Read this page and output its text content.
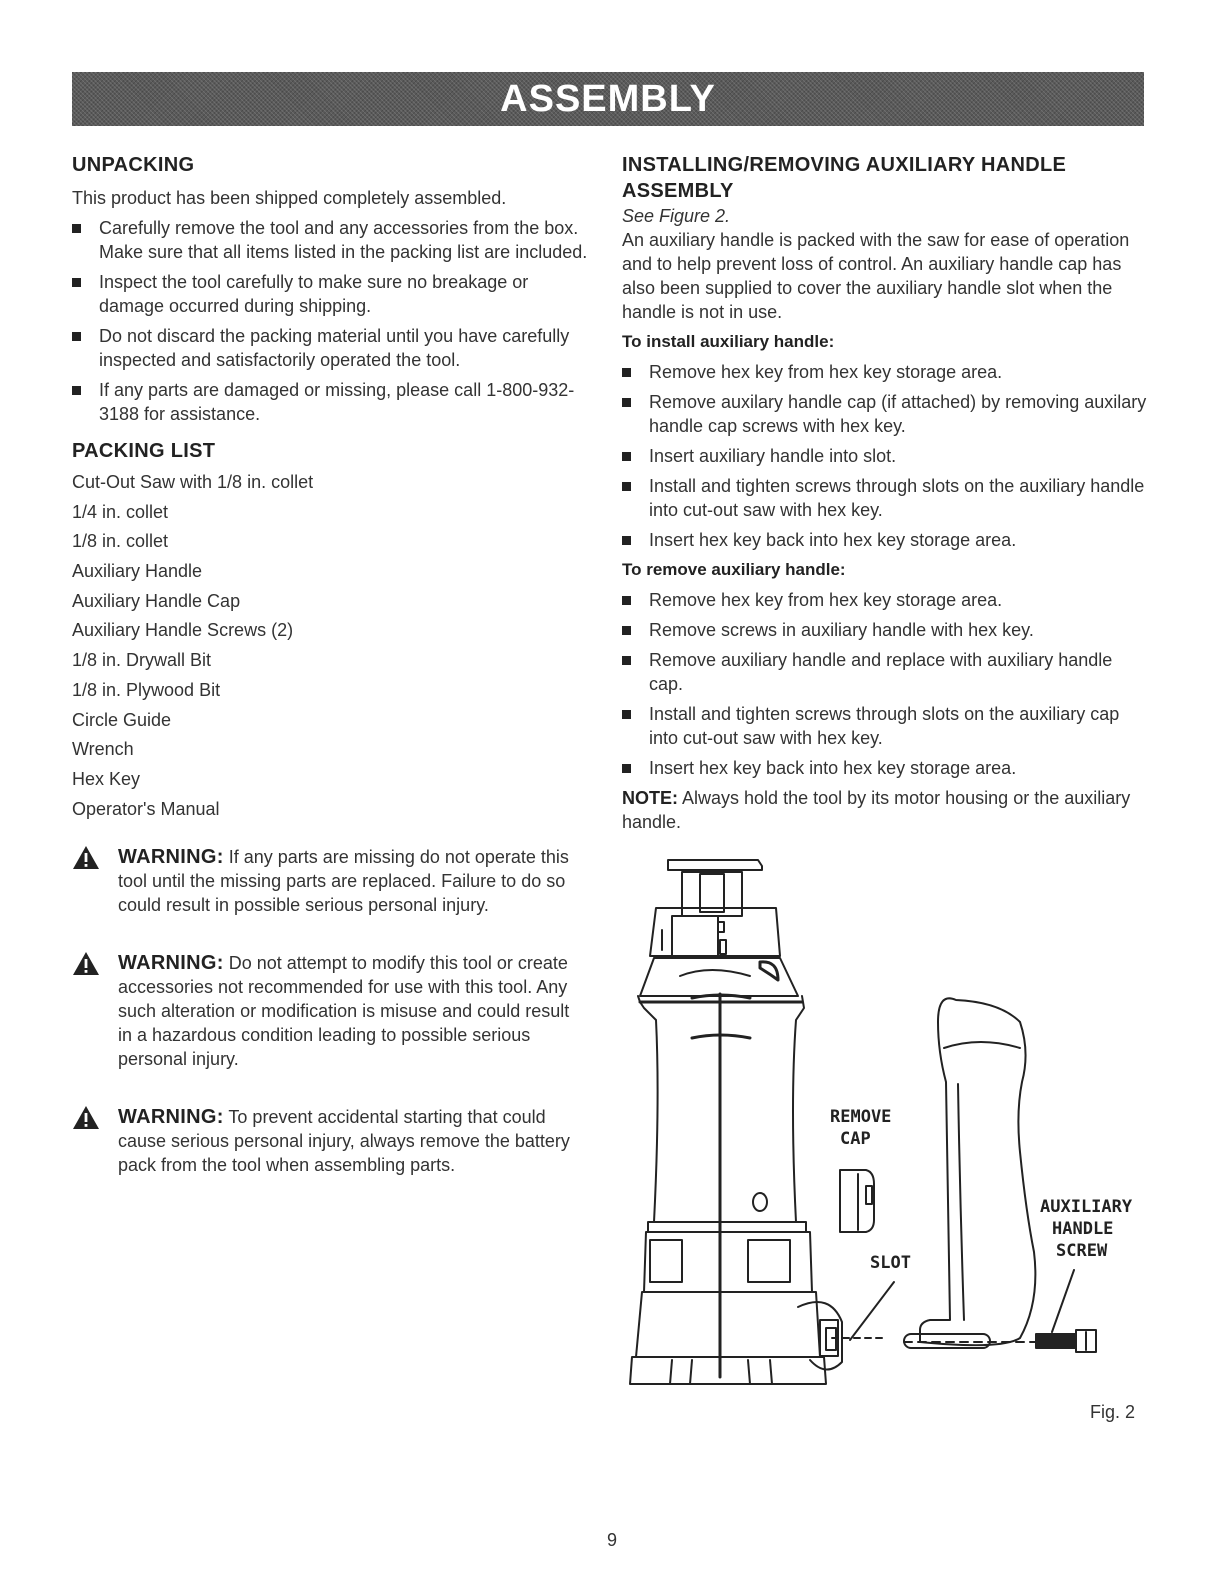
ASSEMBLY
UNPACKING

This product has been shipped completely assembled.

Carefully remove the tool and any accessories from the box. Make sure that all items listed in the packing list are included.
Inspect the tool carefully to make sure no breakage or damage occurred during shipping.
Do not discard the packing material until you have carefully inspected and satisfactorily operated the tool.
If any parts are damaged or missing, please call 1-800-932-3188 for assistance.
PACKING LIST
Cut-Out Saw with 1/8 in. collet
1/4 in. collet
1/8 in. collet
Auxiliary Handle
Auxiliary Handle Cap
Auxiliary Handle Screws (2)
1/8 in. Drywall Bit
1/8 in. Plywood Bit
Circle Guide
Wrench
Hex Key
Operator's Manual
WARNING: If any parts are missing do not operate this tool until the missing parts are replaced. Failure to do so could result in possible serious personal injury.
WARNING: Do not attempt to modify this tool or create accessories not recommended for use with this tool. Any such alteration or modification is misuse and could result in a hazardous condition leading to possible serious personal injury.
WARNING: To prevent accidental starting that could cause serious personal injury, always remove the battery pack from the tool when assembling parts.
INSTALLING/REMOVING AUXILIARY HANDLE ASSEMBLY

See Figure 2.

An auxiliary handle is packed with the saw for ease of operation and to help prevent loss of control. An auxiliary handle cap has also been supplied to cover the auxiliary handle slot when the handle is not in use.

To install auxiliary handle:
Remove hex key from hex key storage area.
Remove auxilary handle cap (if attached) by removing auxilary handle cap screws with hex key.
Insert auxiliary handle into slot.
Install and tighten screws through slots on the auxiliary handle into cut-out saw with hex key.
Insert hex key back into hex key storage area.
To remove auxiliary handle:
Remove hex key from hex key storage area.
Remove screws in auxiliary handle with hex key.
Remove auxiliary handle and replace with auxiliary handle cap.
Install and tighten screws through slots on the auxiliary cap into cut-out saw with hex key.
Insert hex key back into hex key storage area.

NOTE: Always hold the tool by its motor housing or the auxiliary handle.

REMOVE
CAP
SLOT
AUXILIARY
HANDLE
SCREW
Fig. 2
9
